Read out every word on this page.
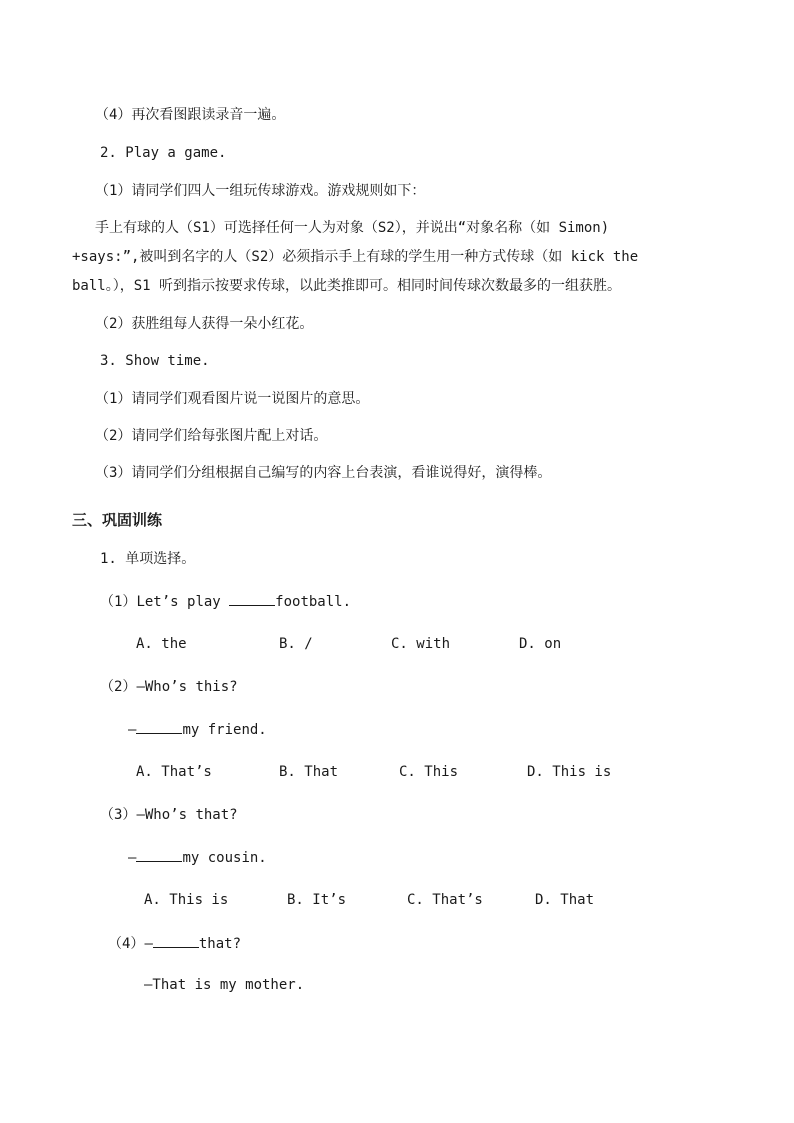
（4）再次看图跟读录音一遍。
2. Play a game.
（1）请同学们四人一组玩传球游戏。游戏规则如下：
手上有球的人（S1）可选择任何一人为对象（S2），并说出“对象名称（如 Simon)
+says:”,被叫到名字的人（S2）必须指示手上有球的学生用一种方式传球（如 kick the
ball。），S1 听到指示按要求传球，以此类推即可。相同时间传球次数最多的一组获胜。
（2）获胜组每人获得一朵小红花。
3. Show time.
（1）请同学们观看图片说一说图片的意思。
（2）请同学们给每张图片配上对话。
（3）请同学们分组根据自己编写的内容上台表演，看谁说得好，演得棒。
三、巩固训练
1. 单项选择。
（1）Let’s play	football.
A. the	B. /	C. with	D. on
（2）—Who’s this?
—	my friend.
A. That’s	B. That	C. This	D. This is
（3）—Who’s that?
—	my cousin.
A. This is	B. It’s	C. That’s	D. That
（4）—	that?
—That is my mother.
